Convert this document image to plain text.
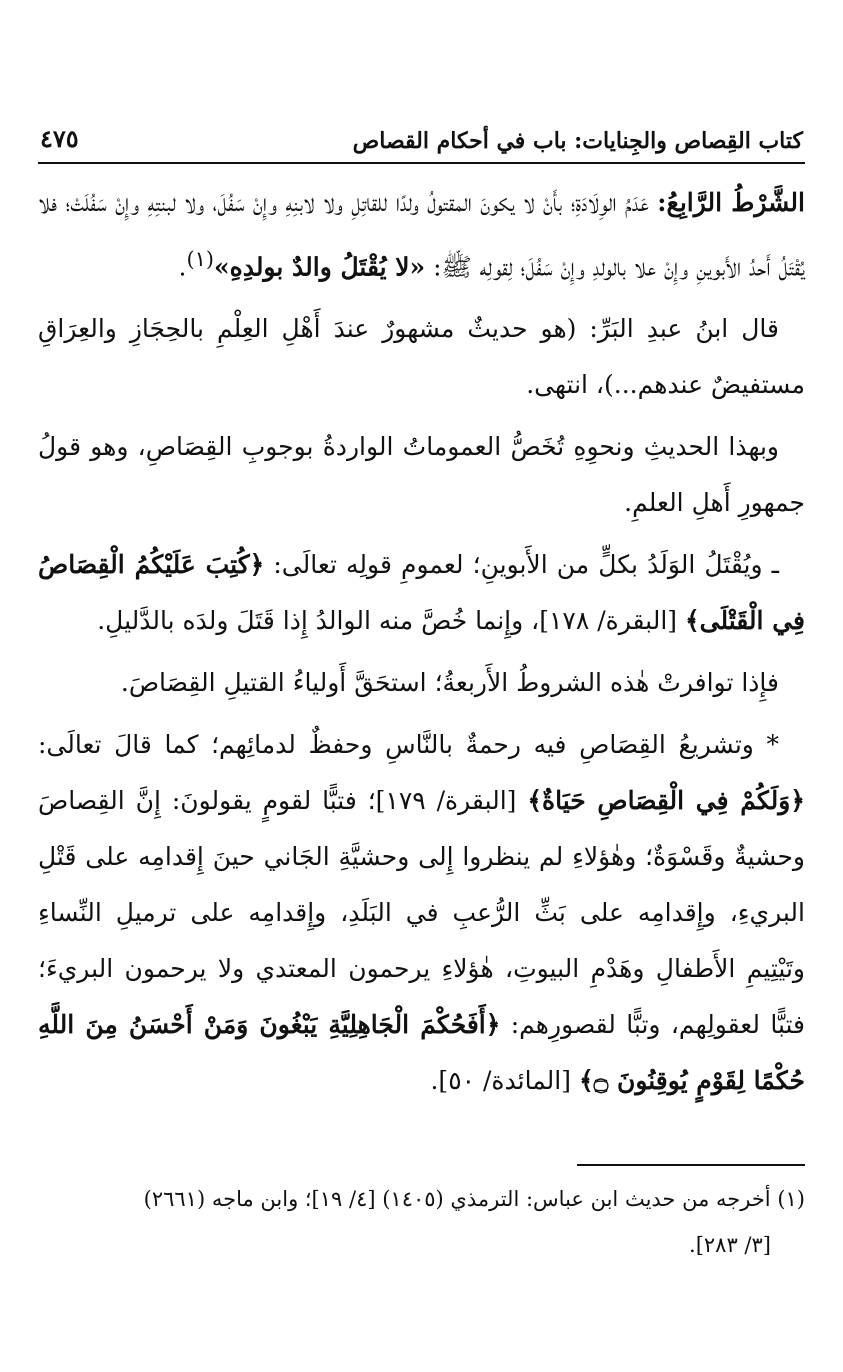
كتاب القِصاص والجِنايات: باب في أحكام القصاص
٤٧٥

الشَّرْطُ الرَّابِعُ: عَدَمُ الوِلَادَةِ؛ بأَنْ لا يكونَ المقتولُ ولدًا للقاتِلِ ولا لابنِهِ وإِنْ سَفُلَ، ولا لبنتِهِ وإِنْ سَفُلَتْ؛ فلا يُقْتَلُ أَحدُ الأَبوينِ وإِنْ علا بالولدِ وإِنْ سَفُلَ؛ لِقولِه ﷺ: «لا يُقْتَلُ والدٌ بولدِهِ»$^{(١)}$.

قال ابنُ عبدِ البَرِّ: (هو حديثٌ مشهورٌ عندَ أَهْلِ العِلْمِ بالحِجَازِ والعِرَاقِ مستفيضٌ عندهم...)، انتهى.

وبهذا الحديثِ ونحوِهِ تُخَصُّ العموماتُ الواردةُ بوجوبِ القِصَاصِ، وهو قولُ جمهورِ أَهلِ العلمِ.

ـ ويُقْتَلُ الوَلَدُ بكلٍّ من الأَبوينِ؛ لعمومِ قولِه تعالَى: ﴿كُتِبَ عَلَيْكُمُ الْقِصَاصُ فِي الْقَتْلَى﴾ [البقرة/ ١٧٨]، وإِنما خُصَّ منه الوالدُ إِذا قَتَلَ ولدَه بالدَّليلِ.

فإِذا توافرتْ هٰذه الشروطُ الأَربعةُ؛ استحَقَّ أَولياءُ القتيلِ القِصَاصَ.

* وتشريعُ القِصَاصِ فيه رحمةٌ بالنَّاسِ وحفظٌ لدمائِهم؛ كما قالَ تعالَى: ﴿وَلَكُمْ فِي الْقِصَاصِ حَيَاةٌ﴾ [البقرة/ ١٧٩]؛ فتبًّا لقومٍ يقولونَ: إِنَّ القِصاصَ وحشيةٌ وقَسْوَةٌ؛ وهٰؤلاءِ لم ينظروا إِلى وحشيَّةِ الجَاني حينَ إِقدامِه على قَتْلِ البريءِ، وإِقدامِه على بَثِّ الرُّعبِ في البَلَدِ، وإِقدامِه على ترميلِ النِّساءِ وتَيْتِيمِ الأَطفالِ وهَدْمِ البيوتِ، هٰؤلاءِ يرحمون المعتدي ولا يرحمون البريءَ؛ فتبًّا لعقولِهم، وتبًّا لقصورِهم: ﴿أَفَحُكْمَ الْجَاهِلِيَّةِ يَبْغُونَ وَمَنْ أَحْسَنُ مِنَ اللَّهِ حُكْمًا لِقَوْمٍ يُوقِنُونَ ۝﴾ [المائدة/ ٥٠].

(١) أخرجه من حديث ابن عباس: الترمذي (١٤٠٥) [٤/ ١٩]؛ وابن ماجه (٢٦٦١)
[٣/ ٢٨٣].
